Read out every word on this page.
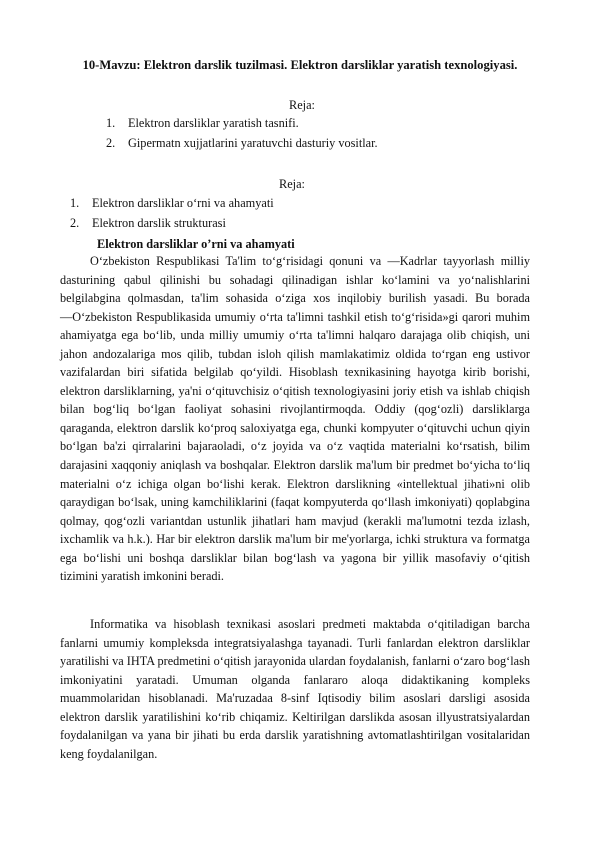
10-Mavzu: Elektron darslik tuzilmasi. Elektron darsliklar yaratish texnologiyasi.
Reja:
1. Elektron darsliklar yaratish tasnifi.
2. Gipermatn xujjatlarini yaratuvchi dasturiy vositlar.
Reja:
1. Elektron darsliklar o‘rni va ahamyati
2. Elektron darslik strukturasi
Elektron darsliklar o’rni va ahamyati

O‘zbekiston Respublikasi Ta'lim to‘g‘risidagi qonuni va ―Kadrlar tayyorlash milliy dasturining qabul qilinishi bu sohadagi qilinadigan ishlar ko‘lamini va yo‘nalishlarini belgilabgina qolmasdan, ta'lim sohasida o‘ziga xos inqilobiy burilish yasadi. Bu borada ―O‘zbekiston Respublikasida umumiy o‘rta ta'limni tashkil etish to‘g‘risida»gi qarori muhim ahamiyatga ega bo‘lib, unda milliy umumiy o‘rta ta'limni halqaro darajaga olib chiqish, uni jahon andozalariga mos qilib, tubdan isloh qilish mamlakatimiz oldida to‘rgan eng ustivor vazifalardan biri sifatida belgilab qo‘yildi. Hisoblash texnikasining hayotga kirib borishi, elektron darsliklarning, ya'ni o‘qituvchisiz o‘qitish texnologiyasini joriy etish va ishlab chiqish bilan bog‘liq bo‘lgan faoliyat sohasini rivojlantirmoqda. Oddiy (qog‘ozli) darsliklarga qaraganda, elektron darslik ko‘proq saloxiyatga ega, chunki kompyuter o‘qituvchi uchun qiyin bo‘lgan ba'zi qirralarini bajaraoladi, o‘z joyida va o‘z vaqtida materialni ko‘rsatish, bilim darajasini xaqqoniy aniqlash va boshqalar. Elektron darslik ma'lum bir predmet bo‘yicha to‘liq materialni o‘z ichiga olgan bo‘lishi kerak. Elektron darslikning «intellektual jihati»ni olib qaraydigan bo‘lsak, uning kamchiliklarini (faqat kompyuterda qo‘llash imkoniyati) qoplabgina qolmay, qog‘ozli variantdan ustunlik jihatlari ham mavjud (kerakli ma'lumotni tezda izlash, ixchamlik va h.k.). Har bir elektron darslik ma'lum bir me'yorlarga, ichki struktura va formatga ega bo‘lishi uni boshqa darsliklar bilan bog‘lash va yagona bir yillik masofaviy o‘qitish tizimini yaratish imkonini beradi.

Informatika va hisoblash texnikasi asoslari predmeti maktabda o‘qitiladigan barcha fanlarni umumiy kompleksda integratsiyalashga tayanadi. Turli fanlardan elektron darsliklar yaratilishi va IHTA predmetini o‘qitish jarayonida ulardan foydalanish, fanlarni o‘zaro bog‘lash imkoniyatini yaratadi. Umuman olganda fanlararo aloqa didaktikaning kompleks muammolaridan hisoblanadi. Ma'ruzadaa 8-sinf Iqtisodiy bilim asoslari darsligi asosida elektron darslik yaratilishini ko‘rib chiqamiz. Keltirilgan darslikda asosan illyustratsiyalardan foydalanilgan va yana bir jihati bu erda darslik yaratishning avtomatlashtirilgan vositalaridan keng foydalanilgan.
